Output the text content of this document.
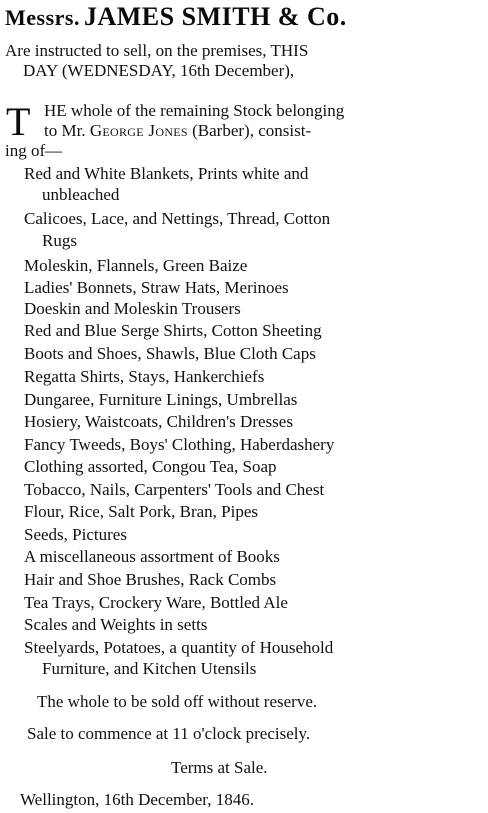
Messrs. JAMES SMITH & Co.
Are instructed to sell, on the premises, THIS
DAY (WEDNESDAY, 16th December),
T HE whole of the remaining Stock belonging
to Mr. George Jones (Barber), consist-
ing of—
Red and White Blankets, Prints white and
unbleached
Calicoes, Lace, and Nettings, Thread, Cotton
Rugs
Moleskin, Flannels, Green Baize
Ladies' Bonnets, Straw Hats, Merinoes
Doeskin and Moleskin Trousers
Red and Blue Serge Shirts, Cotton Sheeting
Boots and Shoes, Shawls, Blue Cloth Caps
Regatta Shirts, Stays, Hankerchiefs
Dungaree, Furniture Linings, Umbrellas
Hosiery, Waistcoats, Children's Dresses
Fancy Tweeds, Boys' Clothing, Haberdashery
Clothing assorted, Congou Tea, Soap
Tobacco, Nails, Carpenters' Tools and Chest
Flour, Rice, Salt Pork, Bran, Pipes
Seeds, Pictures
A miscellaneous assortment of Books
Hair and Shoe Brushes, Rack Combs
Tea Trays, Crockery Ware, Bottled Ale
Scales and Weights in setts
Steelyards, Potatoes, a quantity of Household
Furniture, and Kitchen Utensils
The whole to be sold off without reserve.
Sale to commence at 11 o'clock precisely.
Terms at Sale.
Wellington, 16th December, 1846.
